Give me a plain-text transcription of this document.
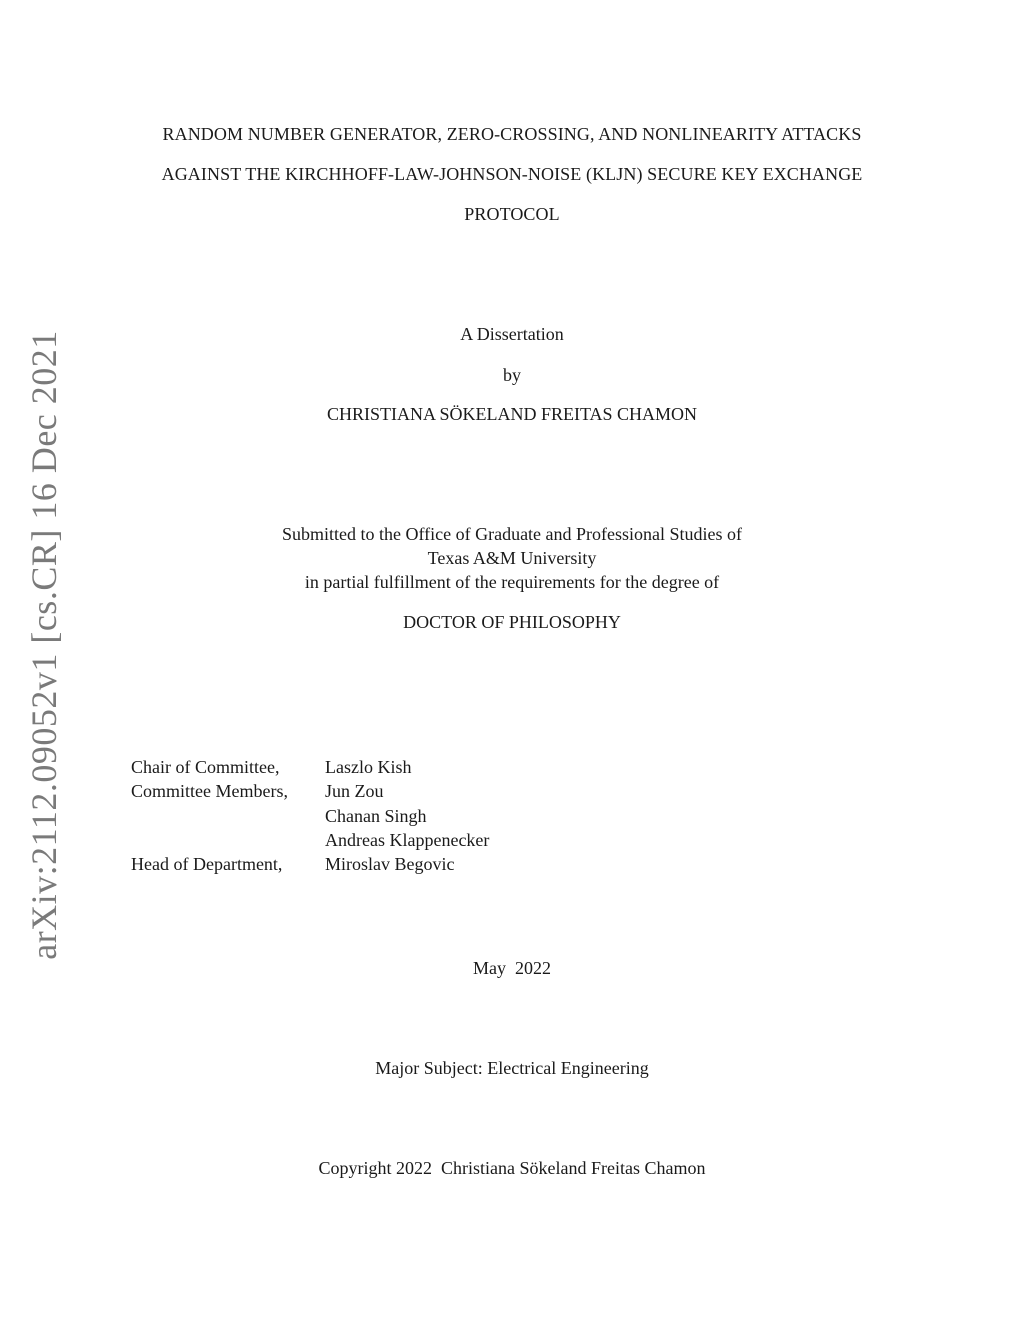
arXiv:2112.09052v1 [cs.CR] 16 Dec 2021
RANDOM NUMBER GENERATOR, ZERO-CROSSING, AND NONLINEARITY ATTACKS
AGAINST THE KIRCHHOFF-LAW-JOHNSON-NOISE (KLJN) SECURE KEY EXCHANGE
PROTOCOL
A Dissertation
by
CHRISTIANA SÖKELAND FREITAS CHAMON
Submitted to the Office of Graduate and Professional Studies of
Texas A&M University
in partial fulfillment of the requirements for the degree of
DOCTOR OF PHILOSOPHY
Chair of Committee,	Laszlo Kish
Committee Members, Jun Zou
Chanan Singh
Andreas Klappenecker
Head of Department, Miroslav Begovic
May  2022
Major Subject: Electrical Engineering
Copyright 2022  Christiana Sökeland Freitas Chamon
